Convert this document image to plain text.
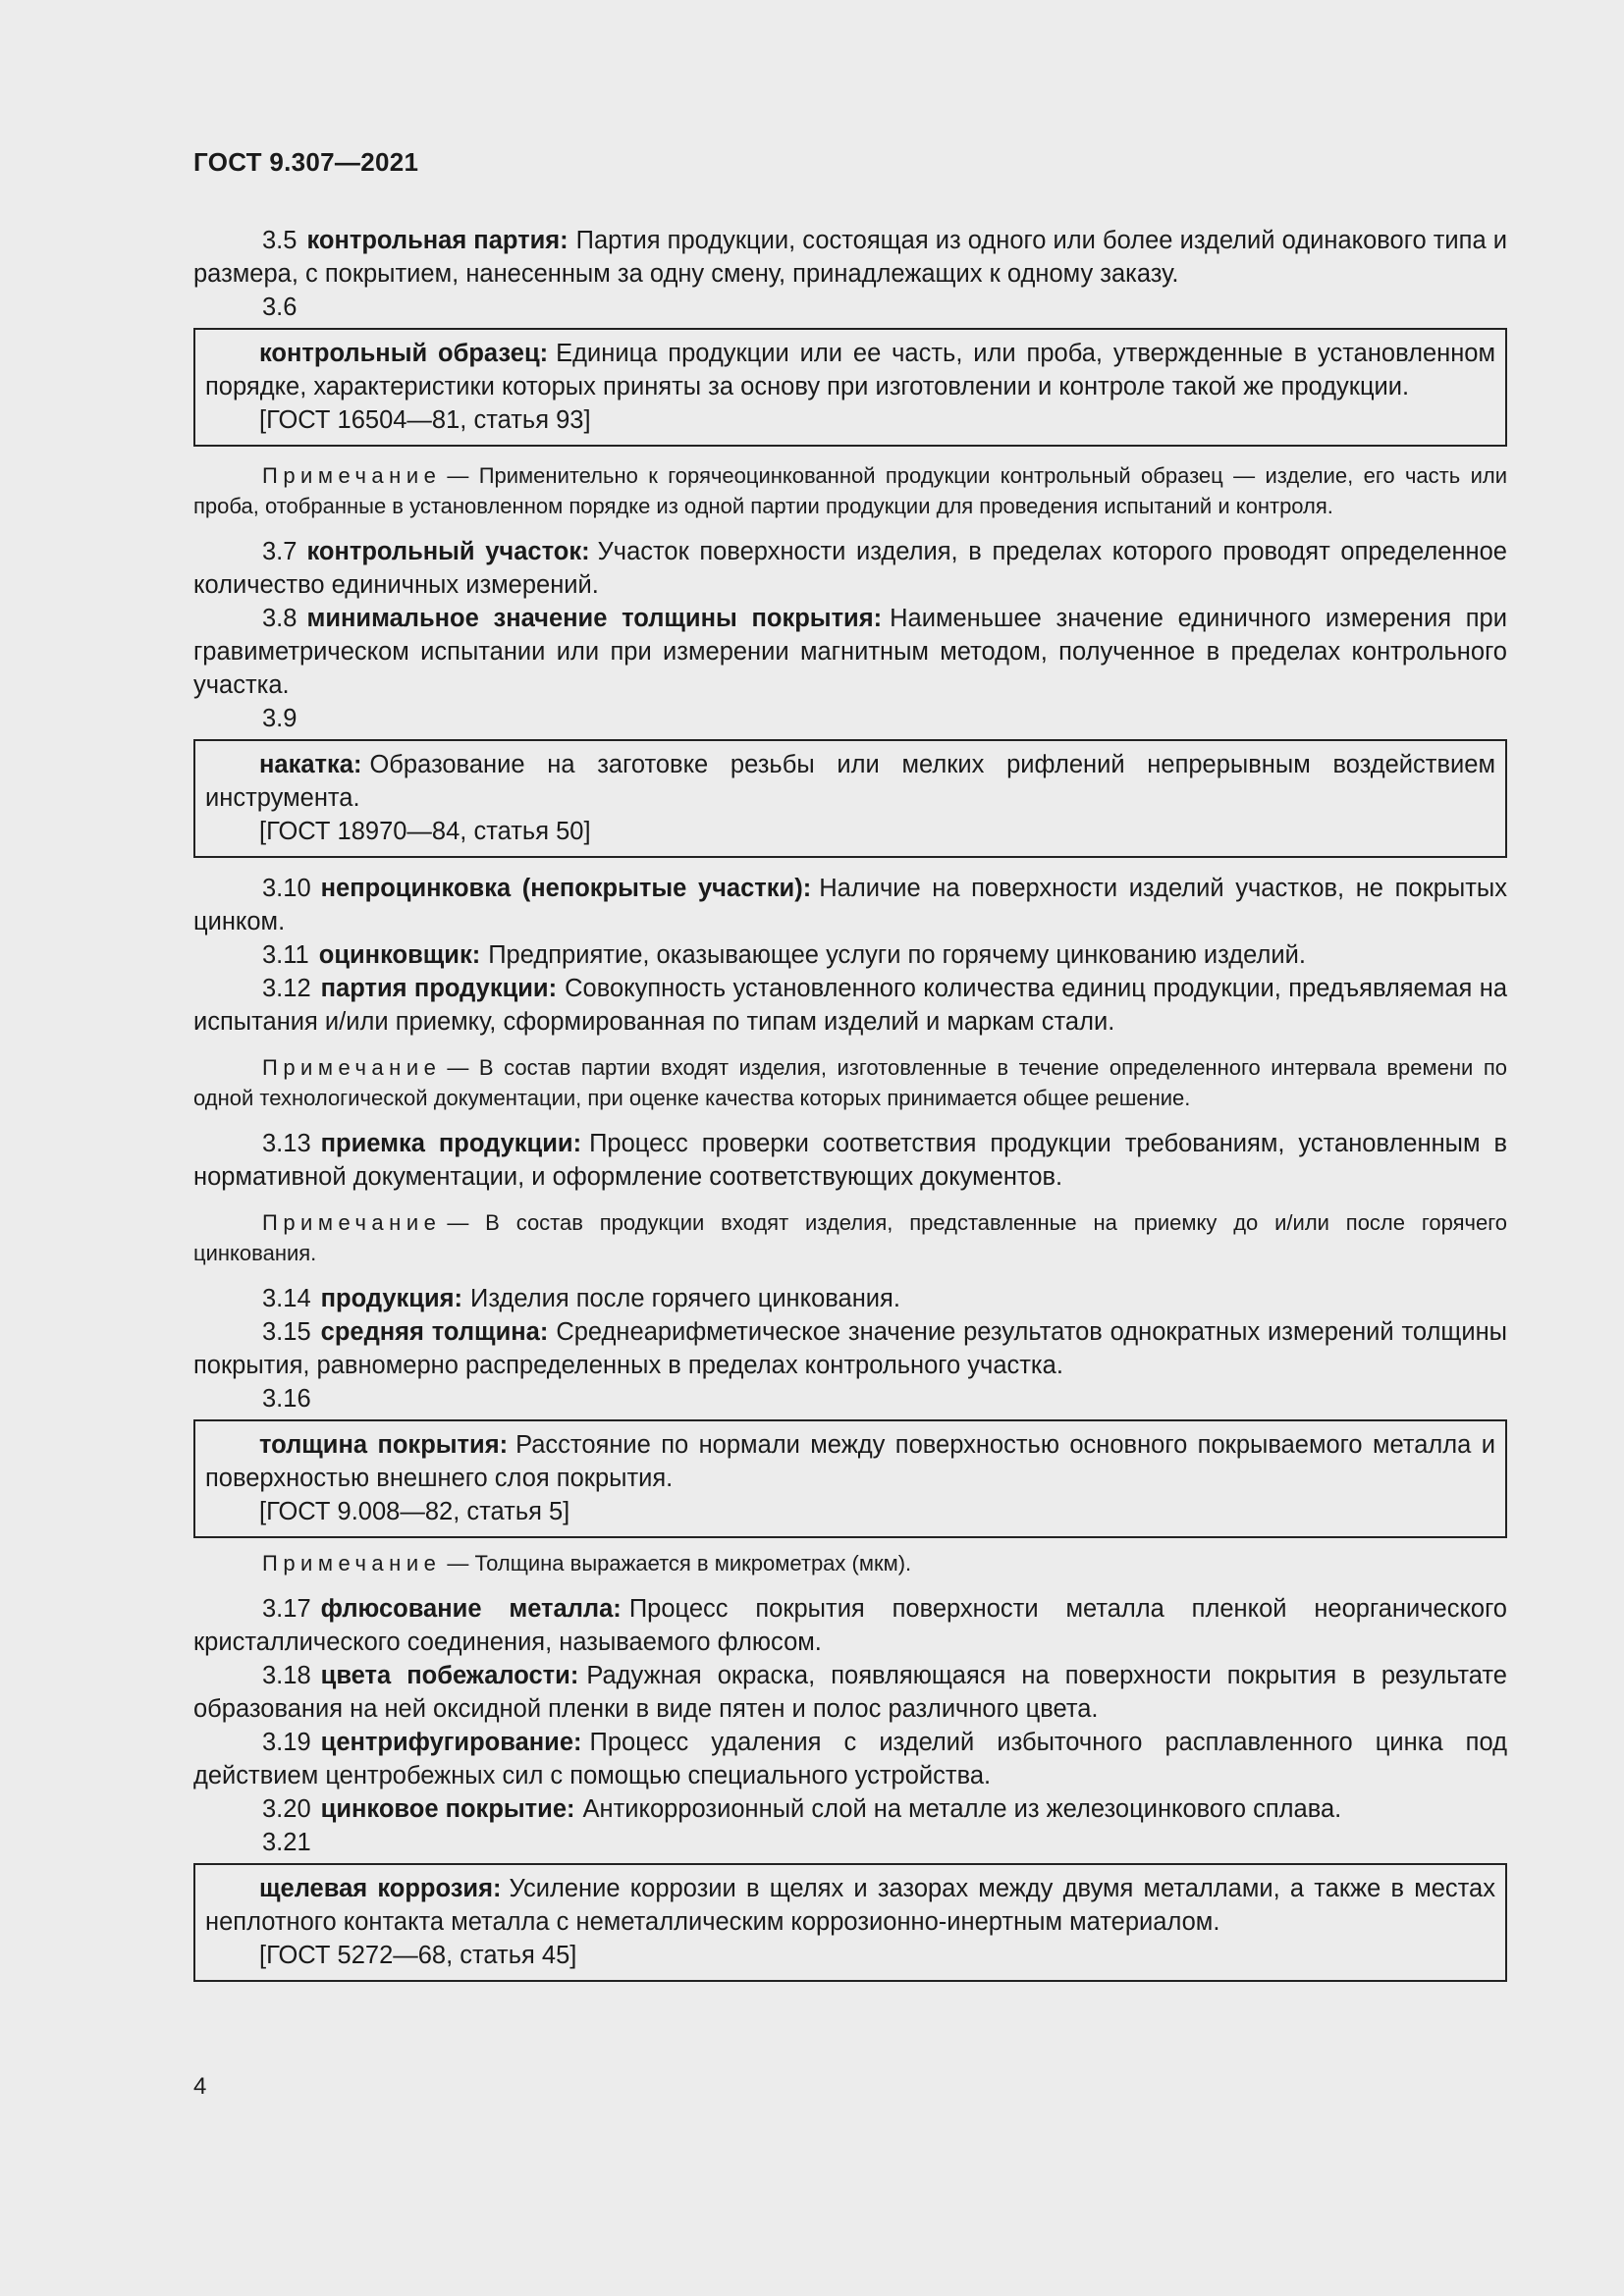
ГОСТ 9.307—2021

3.5 контрольная партия: Партия продукции, состоящая из одного или более изделий одинакового типа и размера, с покрытием, нанесенным за одну смену, принадлежащих к одному заказу.

3.6

контрольный образец: Единица продукции или ее часть, или проба, утвержденные в установленном порядке, характеристики которых приняты за основу при изготовлении и контроле такой же продукции.

[ГОСТ 16504—81, статья 93]

Примечание — Применительно к горячеоцинкованной продукции контрольный образец — изделие, его часть или проба, отобранные в установленном порядке из одной партии продукции для проведения испытаний и контроля.

3.7 контрольный участок: Участок поверхности изделия, в пределах которого проводят определенное количество единичных измерений.

3.8 минимальное значение толщины покрытия: Наименьшее значение единичного измерения при гравиметрическом испытании или при измерении магнитным методом, полученное в пределах контрольного участка.

3.9

накатка: Образование на заготовке резьбы или мелких рифлений непрерывным воздействием инструмента.

[ГОСТ 18970—84, статья 50]

3.10 непроцинковка (непокрытые участки): Наличие на поверхности изделий участков, не покрытых цинком.

3.11 оцинковщик: Предприятие, оказывающее услуги по горячему цинкованию изделий.

3.12 партия продукции: Совокупность установленного количества единиц продукции, предъявляемая на испытания и/или приемку, сформированная по типам изделий и маркам стали.

Примечание — В состав партии входят изделия, изготовленные в течение определенного интервала времени по одной технологической документации, при оценке качества которых принимается общее решение.

3.13 приемка продукции: Процесс проверки соответствия продукции требованиям, установленным в нормативной документации, и оформление соответствующих документов.

Примечание — В состав продукции входят изделия, представленные на приемку до и/или после горячего цинкования.

3.14 продукция: Изделия после горячего цинкования.

3.15 средняя толщина: Среднеарифметическое значение результатов однократных измерений толщины покрытия, равномерно распределенных в пределах контрольного участка.

3.16

толщина покрытия: Расстояние по нормали между поверхностью основного покрываемого металла и поверхностью внешнего слоя покрытия.

[ГОСТ 9.008—82, статья 5]

Примечание — Толщина выражается в микрометрах (мкм).

3.17 флюсование металла: Процесс покрытия поверхности металла пленкой неорганического кристаллического соединения, называемого флюсом.

3.18 цвета побежалости: Радужная окраска, появляющаяся на поверхности покрытия в результате образования на ней оксидной пленки в виде пятен и полос различного цвета.

3.19 центрифугирование: Процесс удаления с изделий избыточного расплавленного цинка под действием центробежных сил с помощью специального устройства.

3.20 цинковое покрытие: Антикоррозионный слой на металле из железоцинкового сплава.

3.21

щелевая коррозия: Усиление коррозии в щелях и зазорах между двумя металлами, а также в местах неплотного контакта металла с неметаллическим коррозионно-инертным материалом.

[ГОСТ 5272—68, статья 45]

4
